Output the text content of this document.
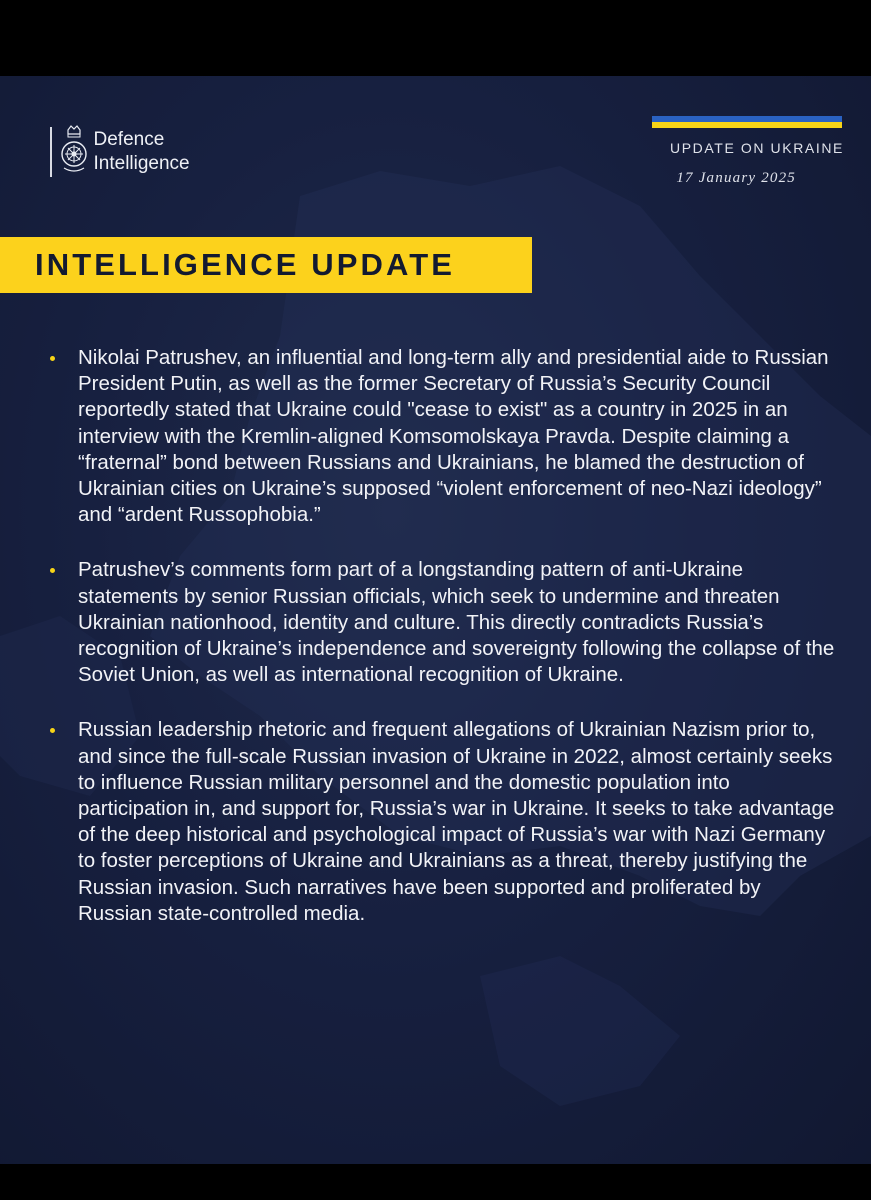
Defence
Intelligence
UPDATE ON UKRAINE
17 January 2025
INTELLIGENCE UPDATE
Nikolai Patrushev, an influential and long-term ally and presidential aide to Russian President Putin, as well as the former Secretary of Russia’s Security Council reportedly stated that Ukraine could "cease to exist" as a country in 2025 in an interview with the Kremlin-aligned Komsomolskaya Pravda. Despite claiming a “fraternal” bond between Russians and Ukrainians, he blamed the destruction of Ukrainian cities on Ukraine’s supposed “violent enforcement of neo-Nazi ideology” and “ardent Russophobia.”
Patrushev’s comments form part of a longstanding pattern of anti-Ukraine statements by senior Russian officials, which seek to undermine and threaten Ukrainian nationhood, identity and culture. This directly contradicts Russia’s recognition of Ukraine’s independence and sovereignty following the collapse of the Soviet Union, as well as international recognition of Ukraine.
Russian leadership rhetoric and frequent allegations of Ukrainian Nazism prior to, and since the full-scale Russian invasion of Ukraine in 2022, almost certainly seeks to influence Russian military personnel and the domestic population into participation in, and support for, Russia’s war in Ukraine. It seeks to take advantage of the deep historical and psychological impact of Russia’s war with Nazi Germany to foster perceptions of Ukraine and Ukrainians as a threat, thereby justifying the Russian invasion. Such narratives have been supported and proliferated by Russian state-controlled media.
